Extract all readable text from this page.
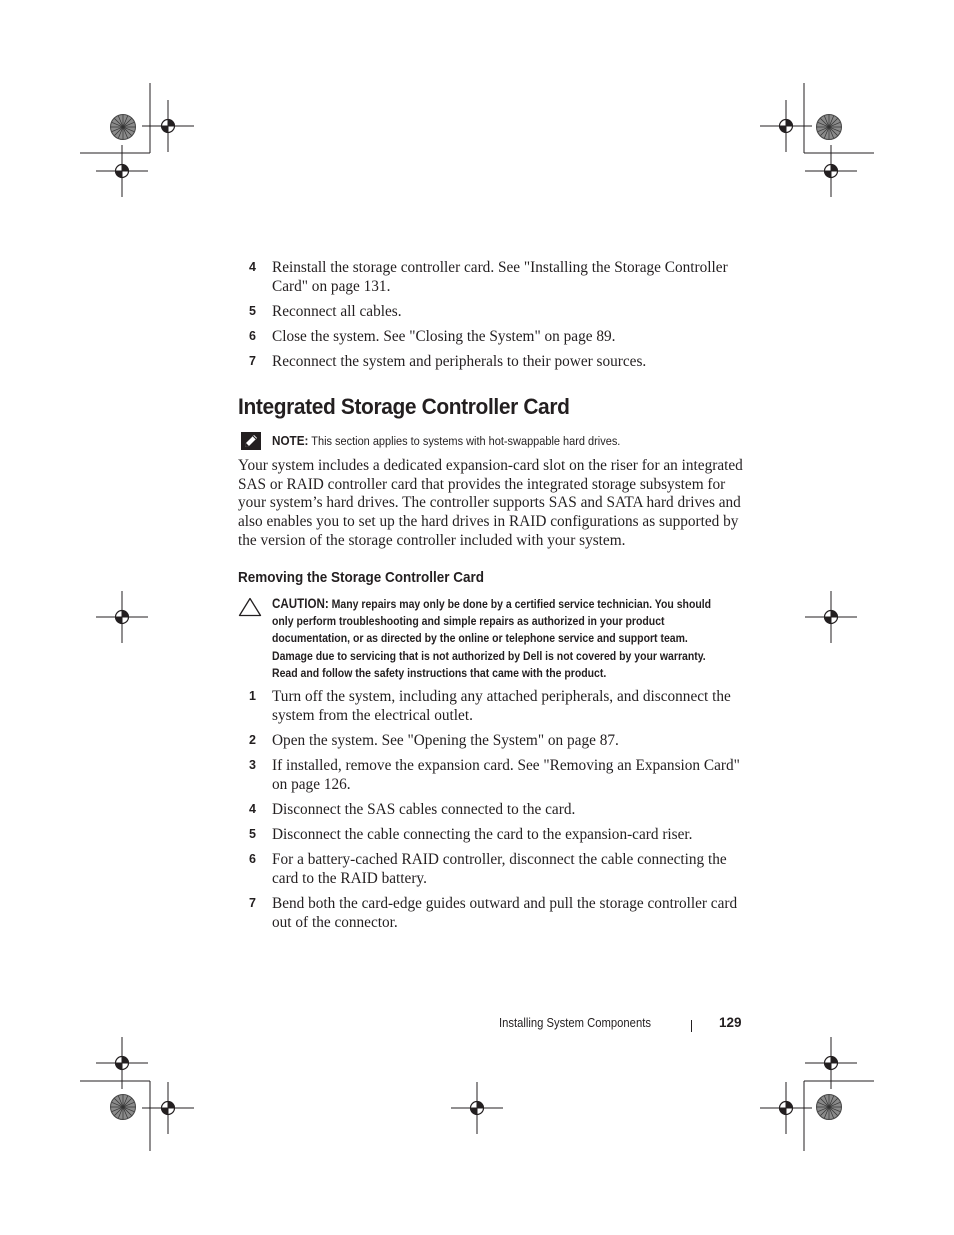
4 Reinstall the storage controller card. See "Installing the Storage Controller Card" on page 131.
5 Reconnect all cables.
6 Close the system. See "Closing the System" on page 89.
7 Reconnect the system and peripherals to their power sources.
Integrated Storage Controller Card
NOTE: This section applies to systems with hot-swappable hard drives.

Your system includes a dedicated expansion-card slot on the riser for an integrated SAS or RAID controller card that provides the integrated storage subsystem for your system’s hard drives. The controller supports SAS and SATA hard drives and also enables you to set up the hard drives in RAID configurations as supported by the version of the storage controller included with your system.

Removing the Storage Controller Card
CAUTION: Many repairs may only be done by a certified service technician. You should only perform troubleshooting and simple repairs as authorized in your product documentation, or as directed by the online or telephone service and support team. Damage due to servicing that is not authorized by Dell is not covered by your warranty. Read and follow the safety instructions that came with the product.
1 Turn off the system, including any attached peripherals, and disconnect the system from the electrical outlet.
2 Open the system. See "Opening the System" on page 87.
3 If installed, remove the expansion card. See "Removing an Expansion Card" on page 126.
4 Disconnect the SAS cables connected to the card.
5 Disconnect the cable connecting the card to the expansion-card riser.
6 For a battery-cached RAID controller, disconnect the cable connecting the card to the RAID battery.
7 Bend both the card-edge guides outward and pull the storage controller card out of the connector.
Installing System Components	129
